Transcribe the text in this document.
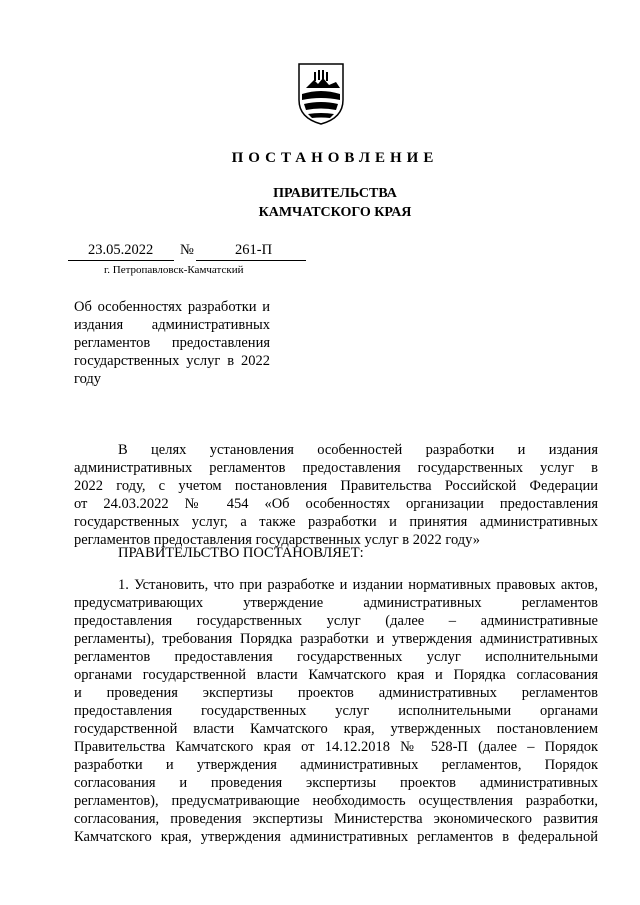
ПОСТАНОВЛЕНИЕ
ПРАВИТЕЛЬСТВА
КАМЧАТСКОГО КРАЯ
23.05.2022 №	261-П
г. Петропавловск-Камчатский
Об особенностях разработки и издания административных регламентов предоставления государственных услуг в 2022 году
В целях установления особенностей разработки и издания
административных регламентов предоставления государственных услуг в
2022 году, с учетом постановления Правительства Российской Федерации
от 24.03.2022 № 454 «Об особенностях организации предоставления
государственных услуг, а также разработки и принятия административных
регламентов предоставления государственных услуг в 2022 году»
ПРАВИТЕЛЬСТВО ПОСТАНОВЛЯЕТ:
1. Установить, что при разработке и издании нормативных правовых актов,
предусматривающих утверждение административных регламентов
предоставления государственных услуг (далее – административные
регламенты), требования Порядка разработки и утверждения административных
регламентов предоставления государственных услуг исполнительными
органами государственной власти Камчатского края и Порядка согласования
и проведения экспертизы проектов административных регламентов
предоставления государственных услуг исполнительными органами
государственной власти Камчатского края, утвержденных постановлением
Правительства Камчатского края от 14.12.2018 № 528-П (далее – Порядок
разработки и утверждения административных регламентов, Порядок
согласования и проведения экспертизы проектов административных
регламентов), предусматривающие необходимость осуществления разработки,
согласования, проведения экспертизы Министерства экономического развития
Камчатского края, утверждения административных регламентов в федеральной
